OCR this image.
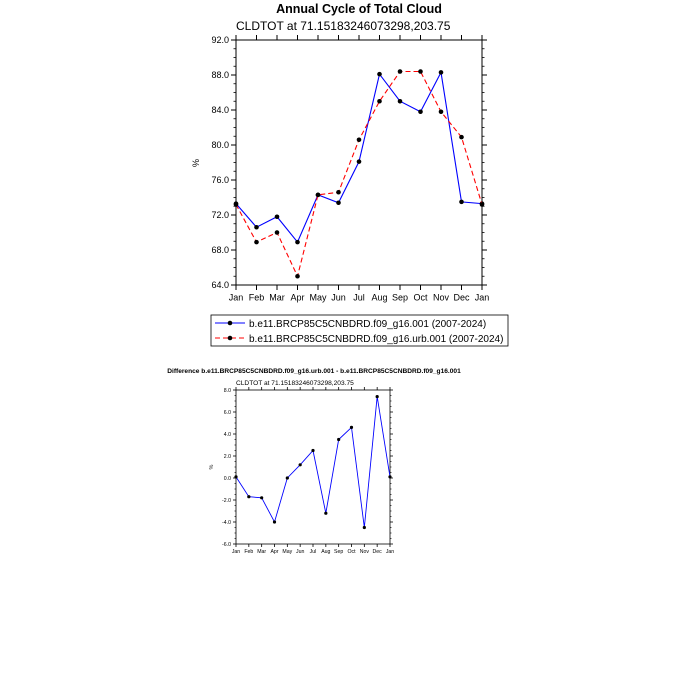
Annual Cycle of Total Cloud
CLDTOT at 71.15183246073298,203.75
%
64.0
68.0
72.0
76.0
80.0
84.0
88.0
92.0
Jan Feb Mar Apr May Jun Jul Aug Sep Oct Nov Dec Jan
b.e11.BRCP85C5CNBDRD.f09_g16.001 (2007-2024)
b.e11.BRCP85C5CNBDRD.f09_g16.urb.001 (2007-2024)
Difference b.e11.BRCP85C5CNBDRD.f09_g16.urb.001 - b.e11.BRCP85C5CNBDRD.f09_g16.001
CLDTOT at 71.15183246073298,203.75
%
-6.0
-4.0
-2.0
0.0
2.0
4.0
6.0
8.0
Jan Feb Mar Apr May Jun Jul Aug Sep Oct Nov Dec Jan
